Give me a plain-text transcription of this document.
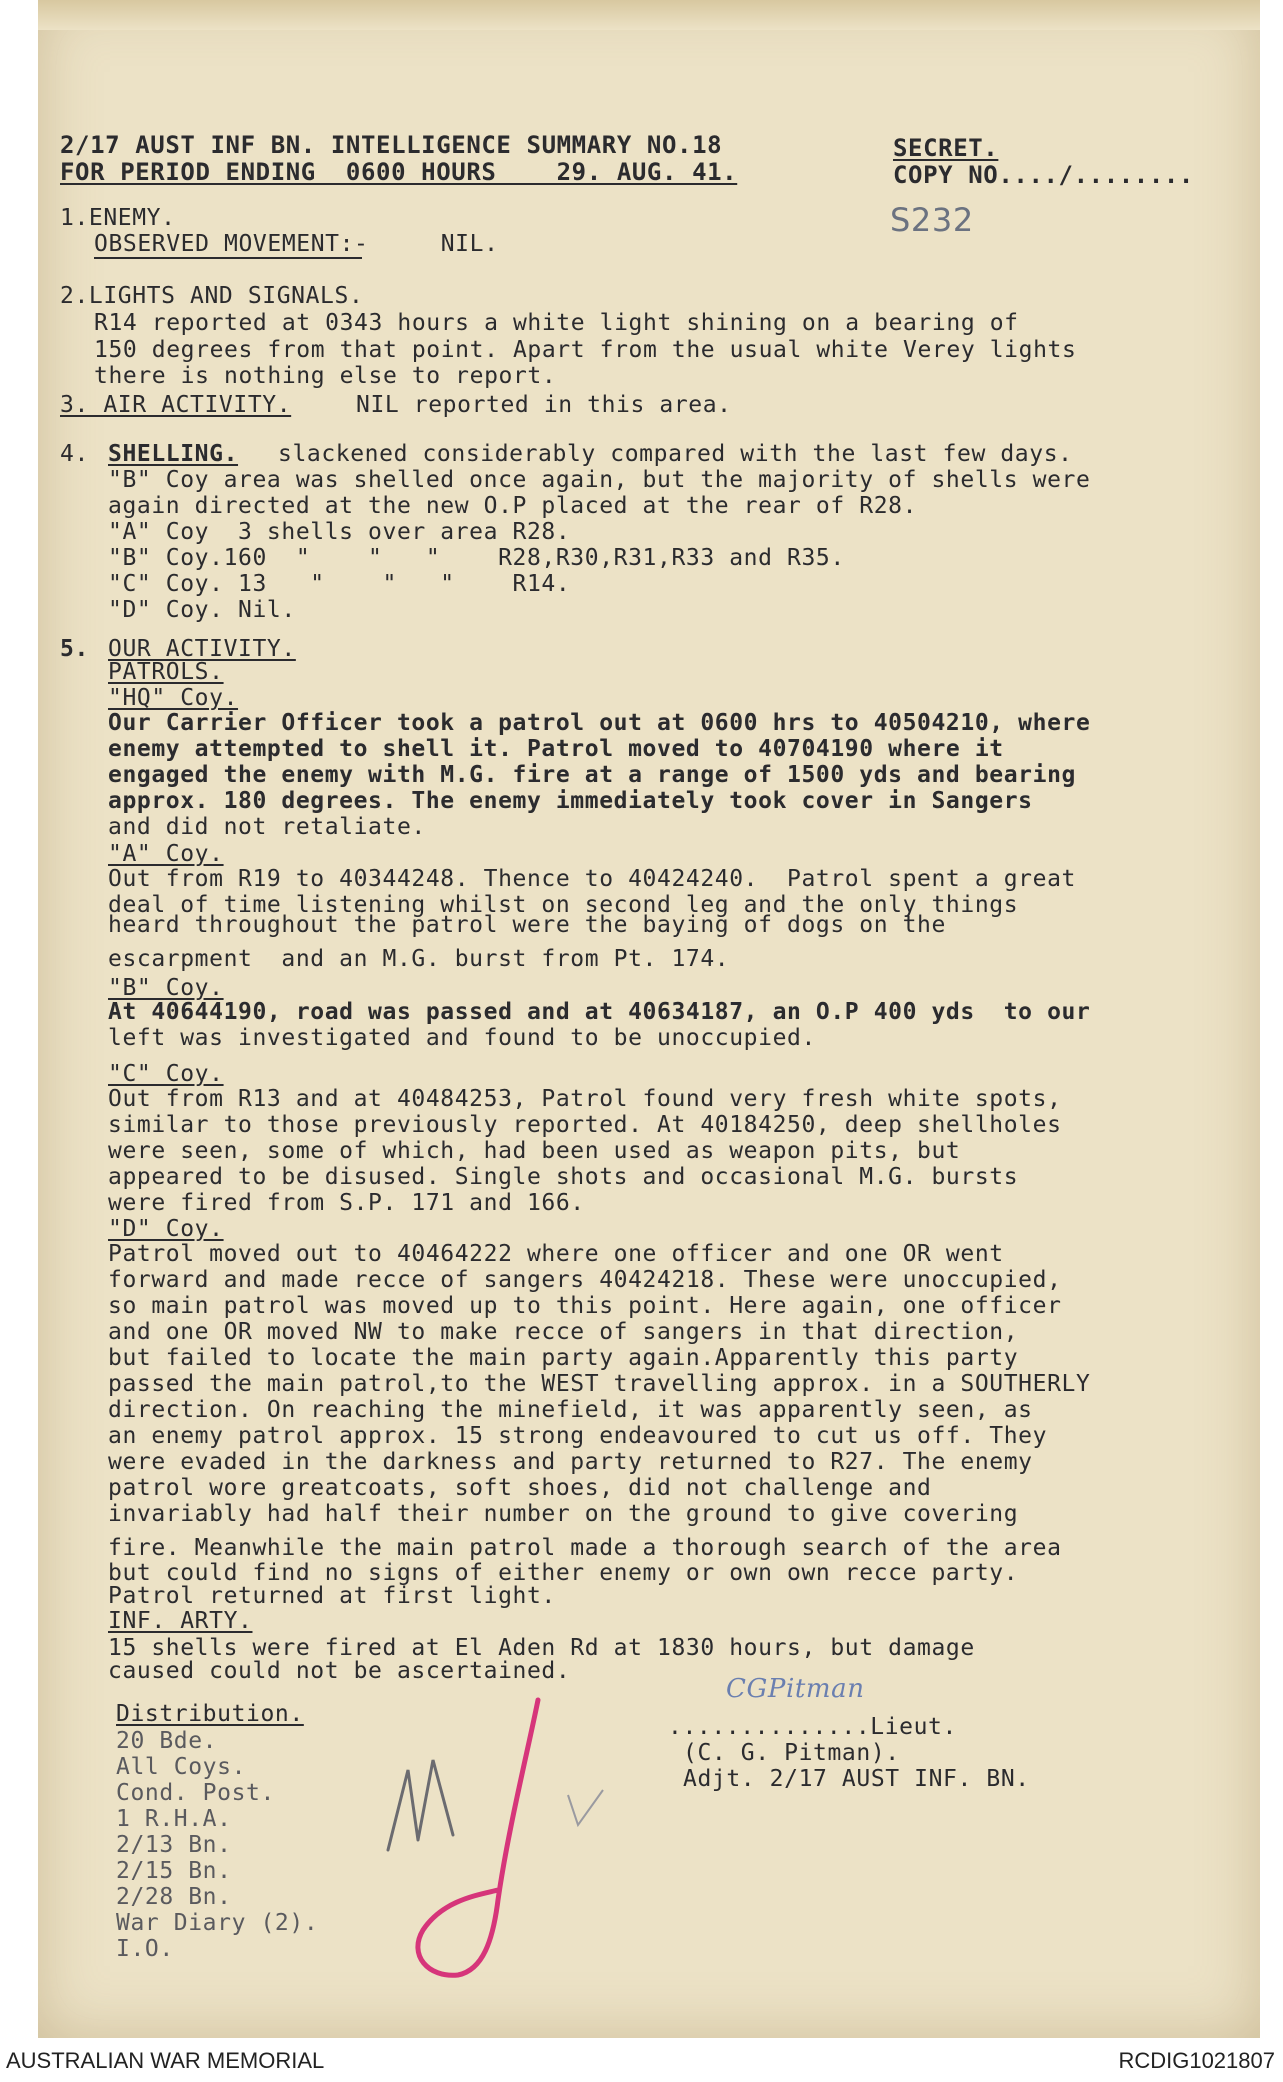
2/17 AUST INF BN. INTELLIGENCE SUMMARY NO.18
FOR PERIOD ENDING  0600 HOURS    29. AUG. 41.
SECRET.
COPY NO..../........
S232
1.ENEMY.
OBSERVED MOVEMENT:-     NIL.
2.LIGHTS AND SIGNALS.
R14 reported at 0343 hours a white light shining on a bearing of
150 degrees from that point. Apart from the usual white Verey lights
there is nothing else to report.
3. AIR ACTIVITY.	NIL reported in this area.
4. SHELLING. slackened considerably compared with the last few days.
"B" Coy area was shelled once again, but the majority of shells were
again directed at the new O.P placed at the rear of R28.
"A" Coy  3 shells over area R28.
"B" Coy.160  "    "   "    R28,R30,R31,R33 and R35.
"C" Coy. 13   "    "   "    R14.
"D" Coy. Nil.
5. OUR ACTIVITY.
PATROLS.
"HQ" Coy.
Our Carrier Officer took a patrol out at 0600 hrs to 40504210, where
enemy attempted to shell it. Patrol moved to 40704190 where it
engaged the enemy with M.G. fire at a range of 1500 yds and bearing
approx. 180 degrees. The enemy immediately took cover in Sangers
and did not retaliate.
"A" Coy.
Out from R19 to 40344248. Thence to 40424240.  Patrol spent a great
deal of time listening whilst on second leg and the only things
heard throughout the patrol were the baying of dogs on the
escarpment  and an M.G. burst from Pt. 174.
"B" Coy.
At 40644190, road was passed and at 40634187, an O.P 400 yds  to our
left was investigated and found to be unoccupied.
"C" Coy.
Out from R13 and at 40484253, Patrol found very fresh white spots,
similar to those previously reported. At 40184250, deep shellholes
were seen, some of which, had been used as weapon pits, but
appeared to be disused. Single shots and occasional M.G. bursts
were fired from S.P. 171 and 166.
"D" Coy.
Patrol moved out to 40464222 where one officer and one OR went
forward and made recce of sangers 40424218. These were unoccupied,
so main patrol was moved up to this point. Here again, one officer
and one OR moved NW to make recce of sangers in that direction,
but failed to locate the main party again.Apparently this party
passed the main patrol,to the WEST travelling approx. in a SOUTHERLY
direction. On reaching the minefield, it was apparently seen, as
an enemy patrol approx. 15 strong endeavoured to cut us off. They
were evaded in the darkness and party returned to R27. The enemy
patrol wore greatcoats, soft shoes, did not challenge and
invariably had half their number on the ground to give covering
fire. Meanwhile the main patrol made a thorough search of the area
but could find no signs of either enemy or own own recce party.
Patrol returned at first light.
INF. ARTY.
15 shells were fired at El Aden Rd at 1830 hours, but damage
caused could not be ascertained.
Distribution.
20 Bde.
All Coys.
Cond. Post.
1 R.H.A.
2/13 Bn.
2/15 Bn.
2/28 Bn.
War Diary (2).
I.O.
CGPitman
..............Lieut.
(C. G. Pitman).
Adjt. 2/17 AUST INF. BN.
AUSTRALIAN WAR MEMORIAL	RCDIG1021807
